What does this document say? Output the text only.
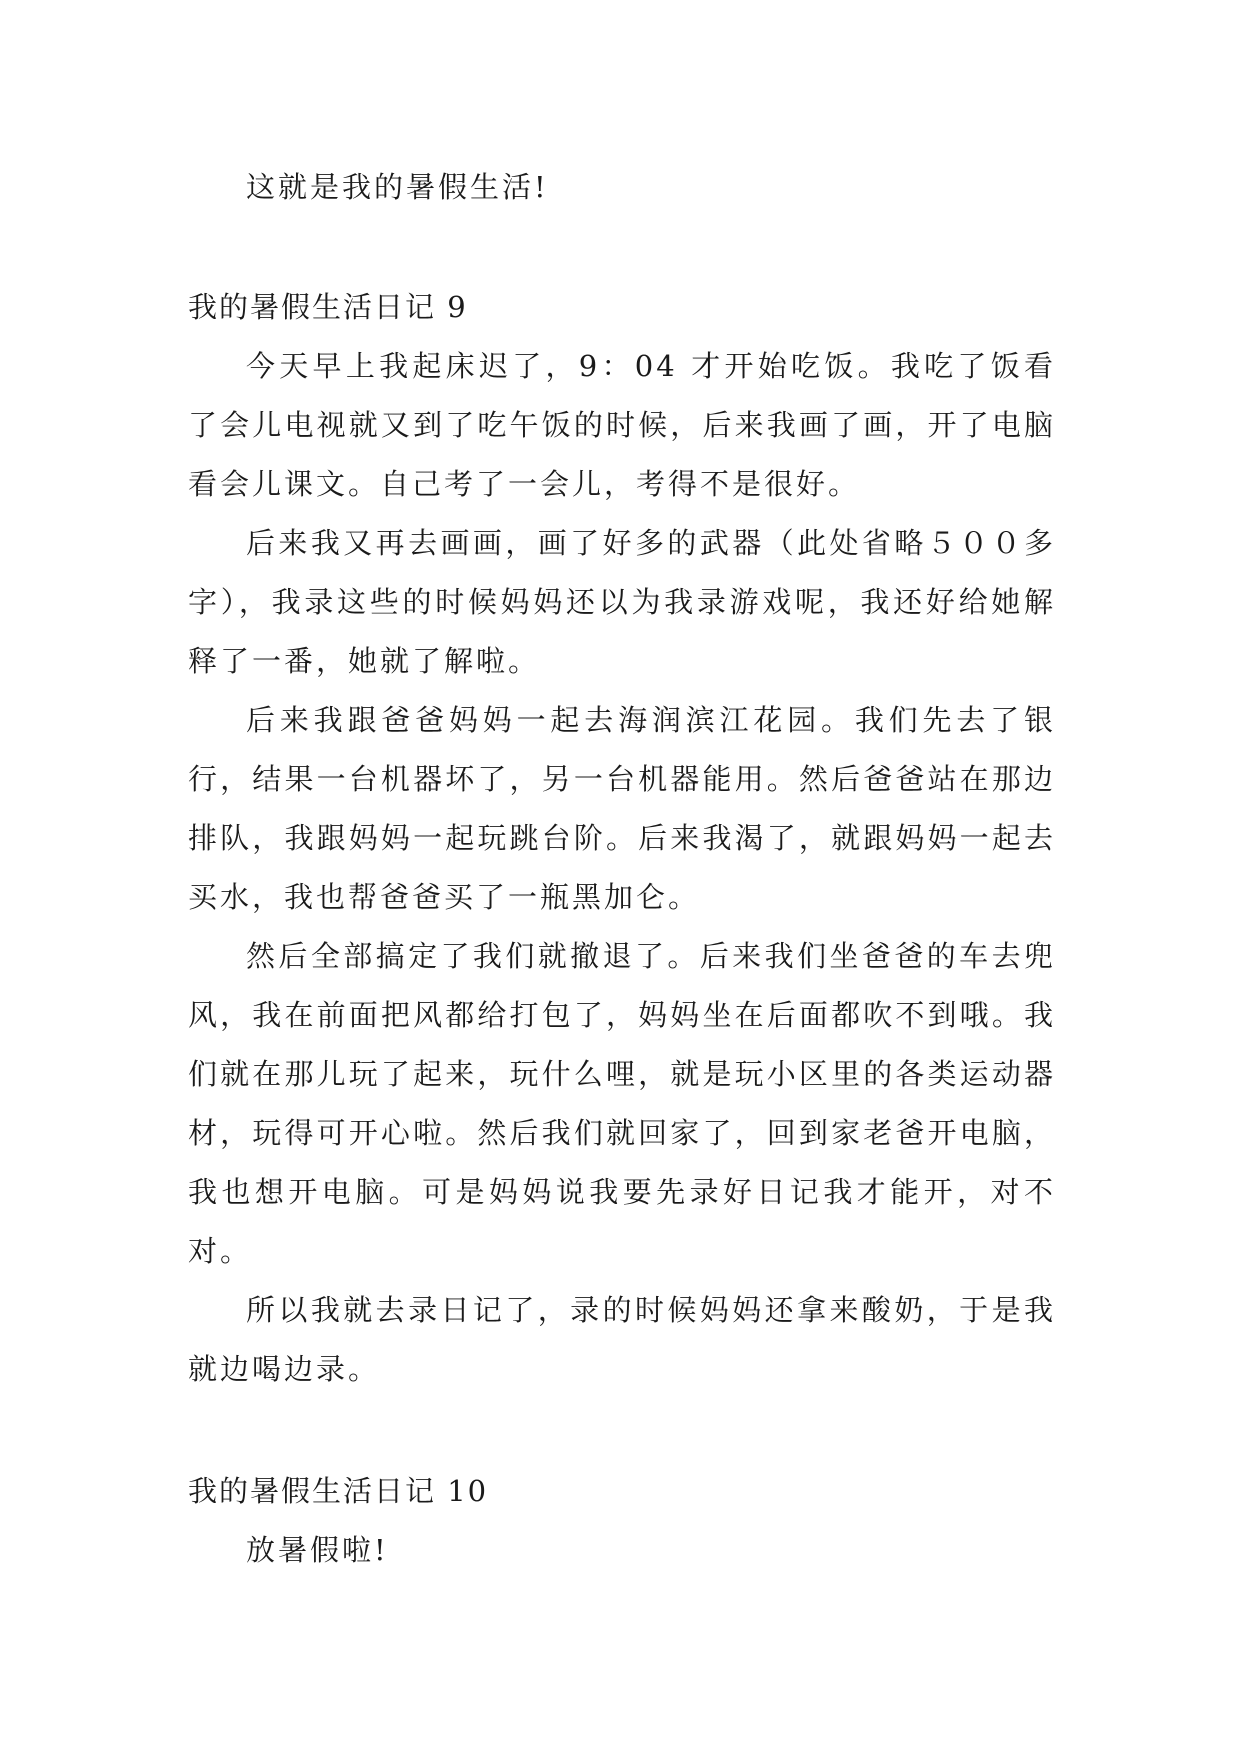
这就是我的暑假生活!

我的暑假生活日记 9

今天早上我起床迟了，9：04 才开始吃饭。我吃了饭看了会儿电视就又到了吃午饭的时候，后来我画了画，开了电脑看会儿课文。自己考了一会儿，考得不是很好。

后来我又再去画画，画了好多的武器（此处省略５００多字），我录这些的时候妈妈还以为我录游戏呢，我还好给她解释了一番，她就了解啦。

后来我跟爸爸妈妈一起去海润滨江花园。我们先去了银行，结果一台机器坏了，另一台机器能用。然后爸爸站在那边排队，我跟妈妈一起玩跳台阶。后来我渴了，就跟妈妈一起去买水，我也帮爸爸买了一瓶黑加仑。

然后全部搞定了我们就撤退了。后来我们坐爸爸的车去兜风，我在前面把风都给打包了，妈妈坐在后面都吹不到哦。我们就在那儿玩了起来，玩什么哩，就是玩小区里的各类运动器材，玩得可开心啦。然后我们就回家了，回到家老爸开电脑，我也想开电脑。可是妈妈说我要先录好日记我才能开，对不对。

所以我就去录日记了，录的时候妈妈还拿来酸奶，于是我就边喝边录。

我的暑假生活日记 10

放暑假啦!
